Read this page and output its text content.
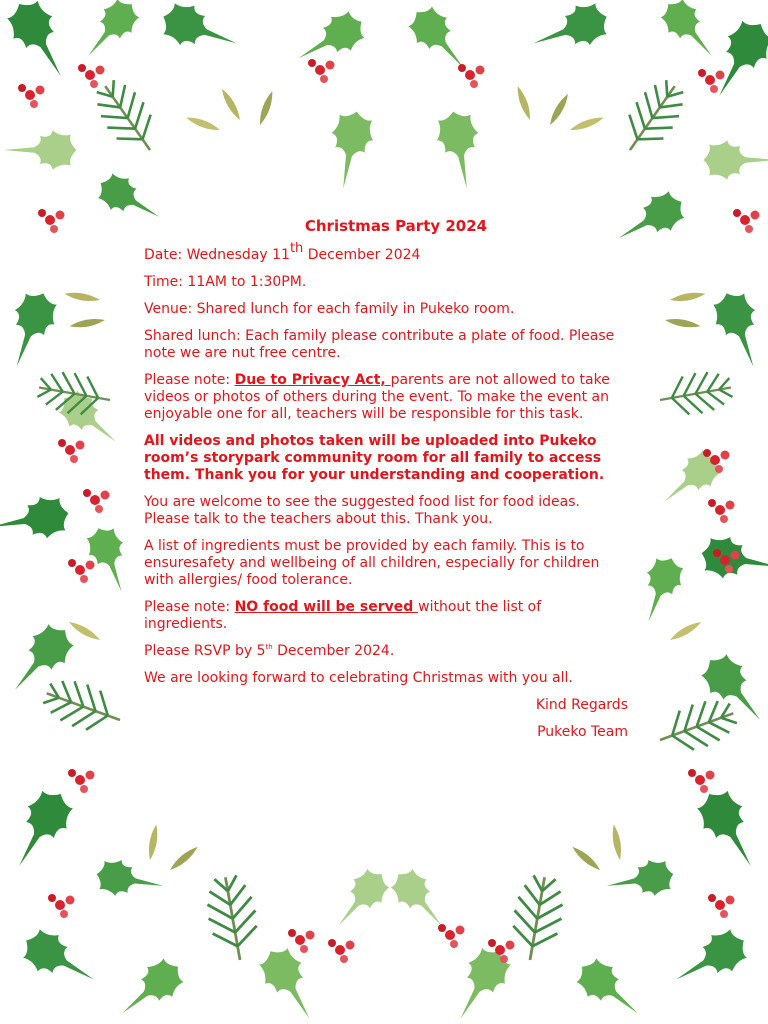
Christmas Party 2024

Date: Wednesday 11th December 2024

Time: 11AM to 1:30PM.

Venue: Shared lunch for each family in Pukeko room.

Shared lunch: Each family please contribute a plate of food. Please note we are nut free centre.

Please note: Due to Privacy Act, parents are not allowed to take videos or photos of others during the event. To make the event an enjoyable one for all, teachers will be responsible for this task.

All videos and photos taken will be uploaded into Pukeko room’s storypark community room for all family to access them. Thank you for your understanding and cooperation.

You are welcome to see the suggested food list for food ideas. Please talk to the teachers about this. Thank you.

A list of ingredients must be provided by each family. This is to ensuresafety and wellbeing of all children, especially for children with allergies/ food tolerance.

Please note: NO food will be served without the list of ingredients.

Please RSVP by 5th December 2024.

We are looking forward to celebrating Christmas with you all.

Kind Regards

Pukeko Team
